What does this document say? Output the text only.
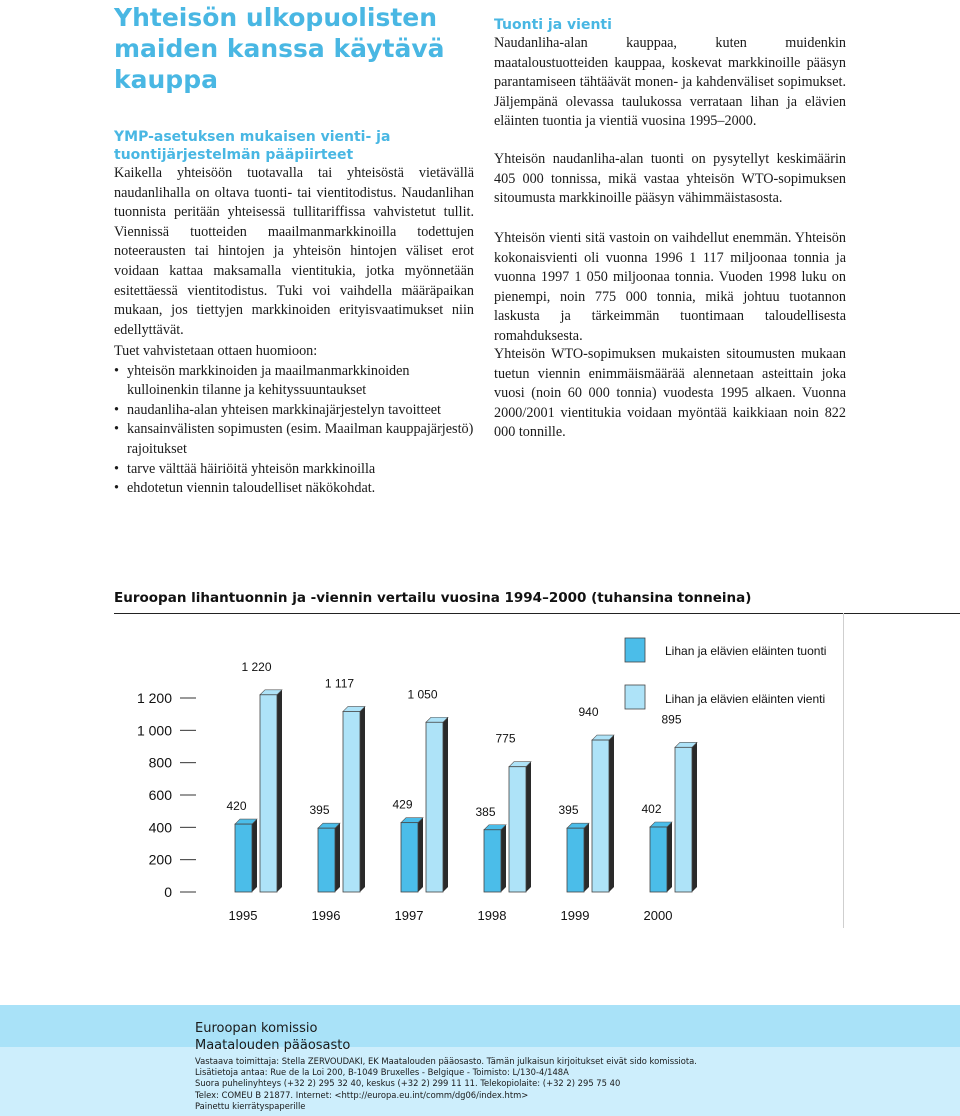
Yhteisön ulkopuolisten maiden kanssa käytävä kauppa
YMP-asetuksen mukaisen vienti- ja tuontijärjestelmän pääpiirteet

Kaikella yhteisöön tuotavalla tai yhteisöstä vietävällä naudanlihalla on oltava tuonti- tai vientitodistus. Naudanlihan tuonnista peritään yhteisessä tullitariffissa vahvistetut tullit. Viennissä tuotteiden maailmanmarkkinoilla todettujen noteerausten tai hintojen ja yhteisön hintojen väliset erot voidaan kattaa maksamalla vientitukia, jotka myönnetään esitettäessä vientitodistus. Tuki voi vaihdella määräpaikan mukaan, jos tiettyjen markkinoiden erityisvaatimukset niin edellyttävät.

Tuet vahvistetaan ottaen huomioon:

• yhteisön markkinoiden ja maailmanmarkkinoiden kulloinenkin tilanne ja kehityssuuntaukset
• naudanliha-alan yhteisen markkinajärjestelyn tavoitteet
• kansainvälisten sopimusten (esim. Maailman kauppajärjestö) rajoitukset
• tarve välttää häiriöitä yhteisön markkinoilla
• ehdotetun viennin taloudelliset näkökohdat.
Tuonti ja vienti

Naudanliha-alan kauppaa, kuten muidenkin maataloustuotteiden kauppaa, koskevat markkinoille pääsyn parantamiseen tähtäävät monen- ja kahdenväliset sopimukset. Jäljempänä olevassa taulukossa verrataan lihan ja elävien eläinten tuontia ja vientiä vuosina 1995–2000.

Yhteisön naudanliha-alan tuonti on pysytellyt keskimäärin 405 000 tonnissa, mikä vastaa yhteisön WTO-sopimuksen sitoumusta markkinoille pääsyn vähimmäistasosta.

Yhteisön vienti sitä vastoin on vaihdellut enemmän. Yhteisön kokonaisvienti oli vuonna 1996 1 117 miljoonaa tonnia ja vuonna 1997 1 050 miljoonaa tonnia. Vuoden 1998 luku on pienempi, noin 775 000 tonnia, mikä johtuu tuotannon laskusta ja tärkeimmän tuontimaan taloudellisesta romahduksesta.

Yhteisön WTO-sopimuksen mukaisten sitoumusten mukaan tuetun viennin enimmäismäärää alennetaan asteittain joka vuosi (noin 60 000 tonnia) vuodesta 1995 alkaen. Vuonna 2000/2001 vientitukia voidaan myöntää kaikkiaan noin 822 000 tonnille.

Euroopan lihantuonnin ja -viennin vertailu vuosina 1994–2000 (tuhansina tonneina)
0
200
400
600
800
1 000
1 200
420
1 220
1995
395
1 117
1996
429
1 050
1997
385
775
1998
395
940
1999
402
895
2000
Lihan ja elävien eläinten tuonti
Lihan ja elävien eläinten vienti
Euroopan komissio
Maatalouden pääosasto
Vastaava toimittaja: Stella ZERVOUDAKI, EK Maatalouden pääosasto. Tämän julkaisun kirjoitukset eivät sido komissiota.
Lisätietoja antaa: Rue de la Loi 200, B-1049 Bruxelles - Belgique - Toimisto: L/130-4/148A
Suora puhelinyhteys (+32 2) 295 32 40, keskus (+32 2) 299 11 11. Telekopiolaite: (+32 2) 295 75 40
Telex: COMEU B 21877. Internet: <http://europa.eu.int/comm/dg06/index.htm>
Painettu kierrätyspaperille
